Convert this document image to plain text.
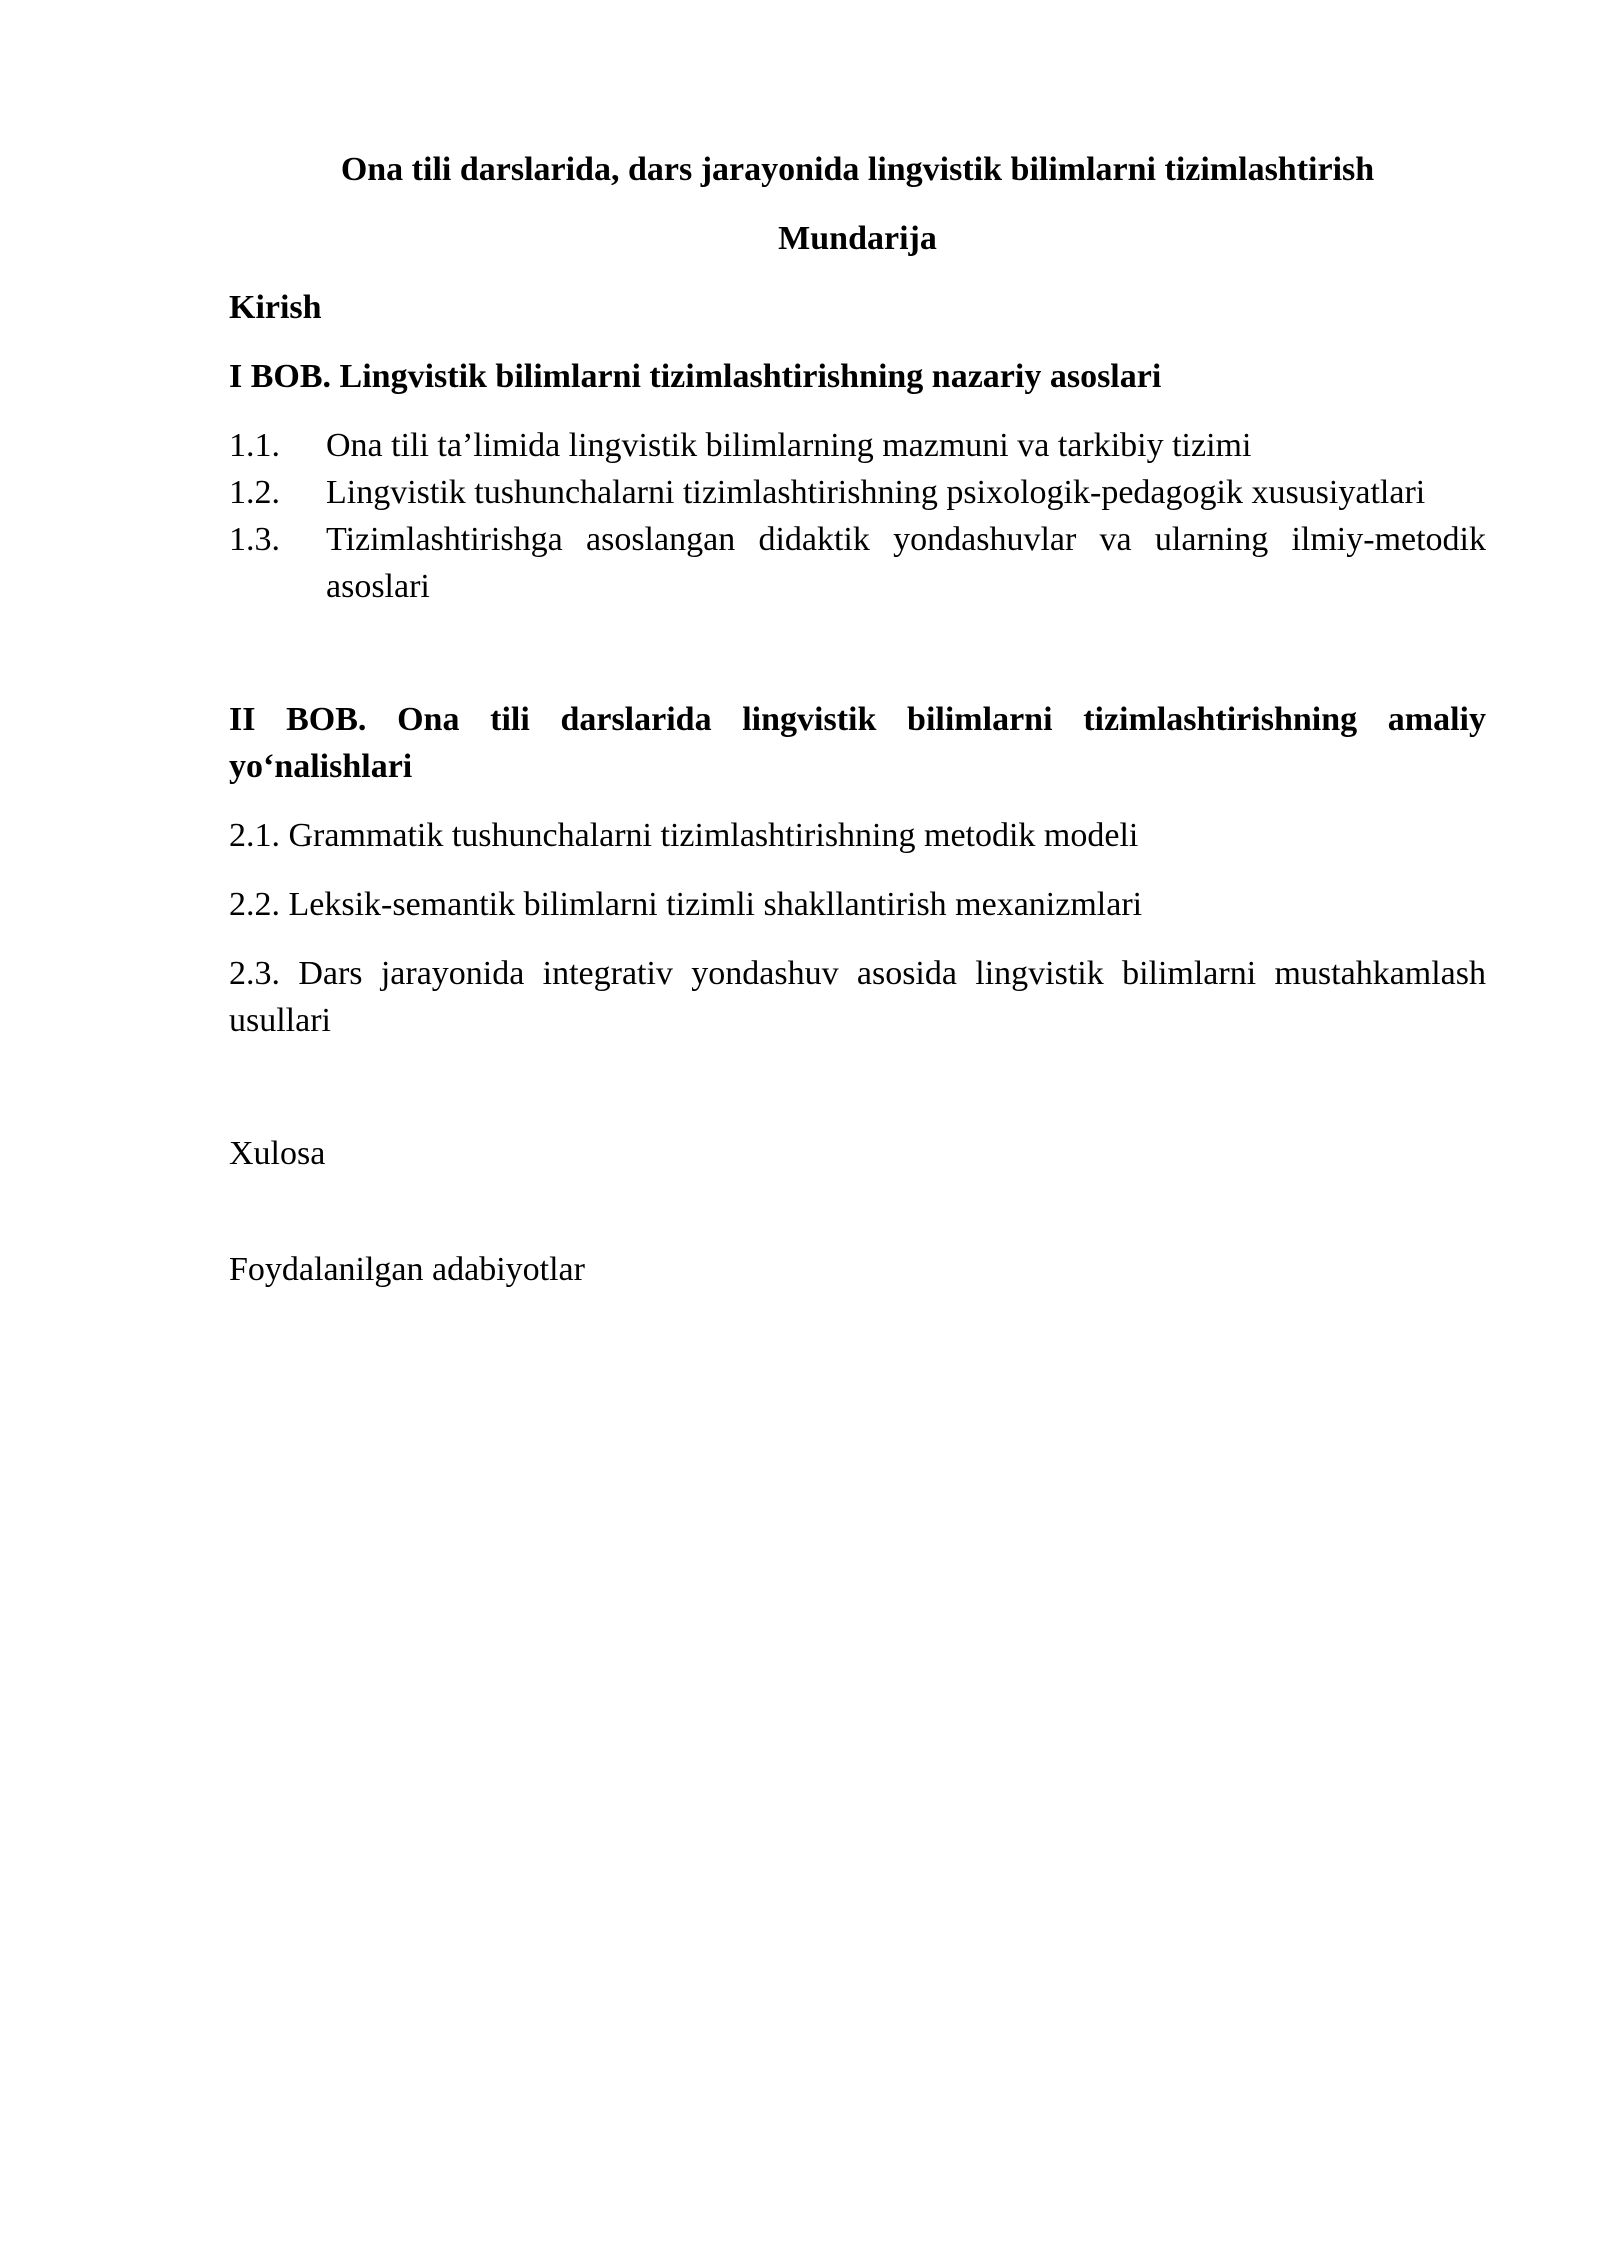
Ona tili darslarida, dars jarayonida lingvistik bilimlarni tizimlashtirish
Mundarija
Kirish
I BOB. Lingvistik bilimlarni tizimlashtirishning nazariy asoslari
1.1.	Ona tili ta’limida lingvistik bilimlarning mazmuni va tarkibiy tizimi
1.2.	Lingvistik tushunchalarni tizimlashtirishning psixologik-pedagogik xususiyatlari
1.3.	Tizimlashtirishga asoslangan didaktik yondashuvlar va ularning ilmiy-metodik asoslari
II BOB. Ona tili darslarida lingvistik bilimlarni tizimlashtirishning amaliy yo‘nalishlari
2.1. Grammatik tushunchalarni tizimlashtirishning metodik modeli
2.2. Leksik-semantik bilimlarni tizimli shakllantirish mexanizmlari
2.3. Dars jarayonida integrativ yondashuv asosida lingvistik bilimlarni mustahkamlash usullari
Xulosa
Foydalanilgan adabiyotlar
